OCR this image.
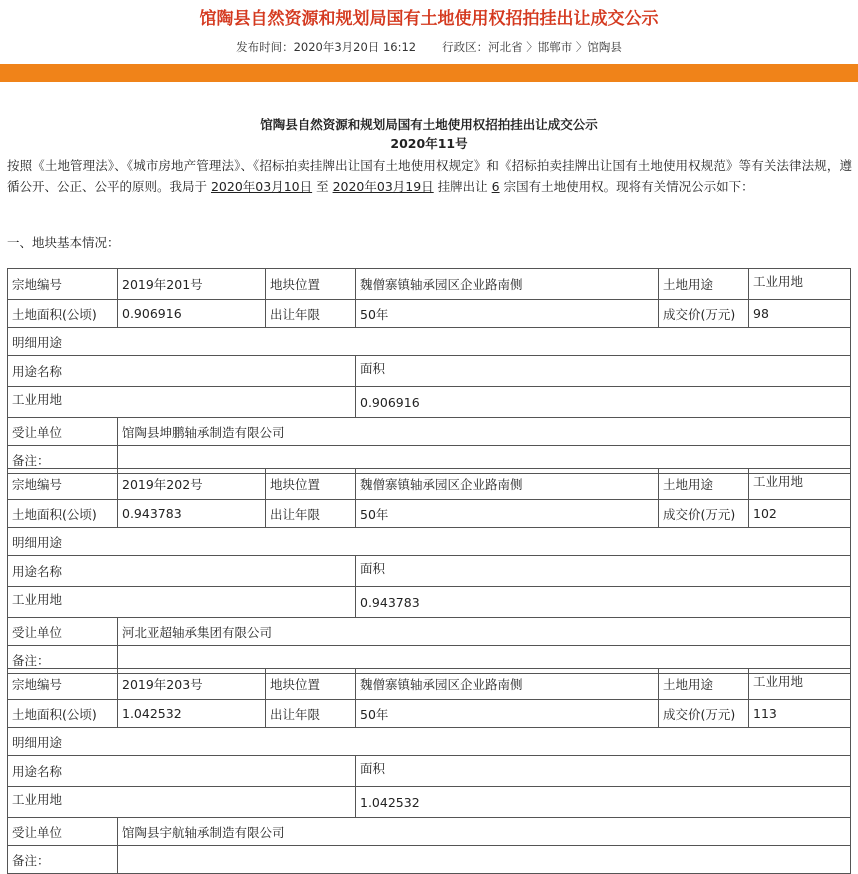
馆陶县自然资源和规划局国有土地使用权招拍挂出让成交公示
发布时间：2020年3月20日 16:12 行政区：河北省 〉邯郸市 〉馆陶县
馆陶县自然资源和规划局国有土地使用权招拍挂出让成交公示
2020年11号
按照《土地管理法》、《城市房地产管理法》、《招标拍卖挂牌出让国有土地使用权规定》和《招标拍卖挂牌出让国有土地使用权规范》等有关法律法规，遵循公开、公正、公平的原则。我局于 2020年03月10日 至 2020年03月19日 挂牌出让 6 宗国有土地使用权。现将有关情况公示如下：
一、地块基本情况：
宗地编号	2019年201号	地块位置	魏僧寨镇轴承园区企业路南侧	土地用途	工业用地
土地面积(公顷)	0.906916	出让年限	50年	成交价(万元)	98
明细用途					
用途名称			面积		
工业用地			0.906916		
受让单位	馆陶县坤鹏轴承制造有限公司				
备注：					
宗地编号	2019年202号	地块位置	魏僧寨镇轴承园区企业路南侧	土地用途	工业用地
土地面积(公顷)	0.943783	出让年限	50年	成交价(万元)	102
明细用途					
用途名称			面积		
工业用地			0.943783		
受让单位	河北亚超轴承集团有限公司				
备注：					
宗地编号	2019年203号	地块位置	魏僧寨镇轴承园区企业路南侧	土地用途	工业用地
土地面积(公顷)	1.042532	出让年限	50年	成交价(万元)	113
明细用途					
用途名称			面积		
工业用地			1.042532		
受让单位	馆陶县宇航轴承制造有限公司				
备注：					
